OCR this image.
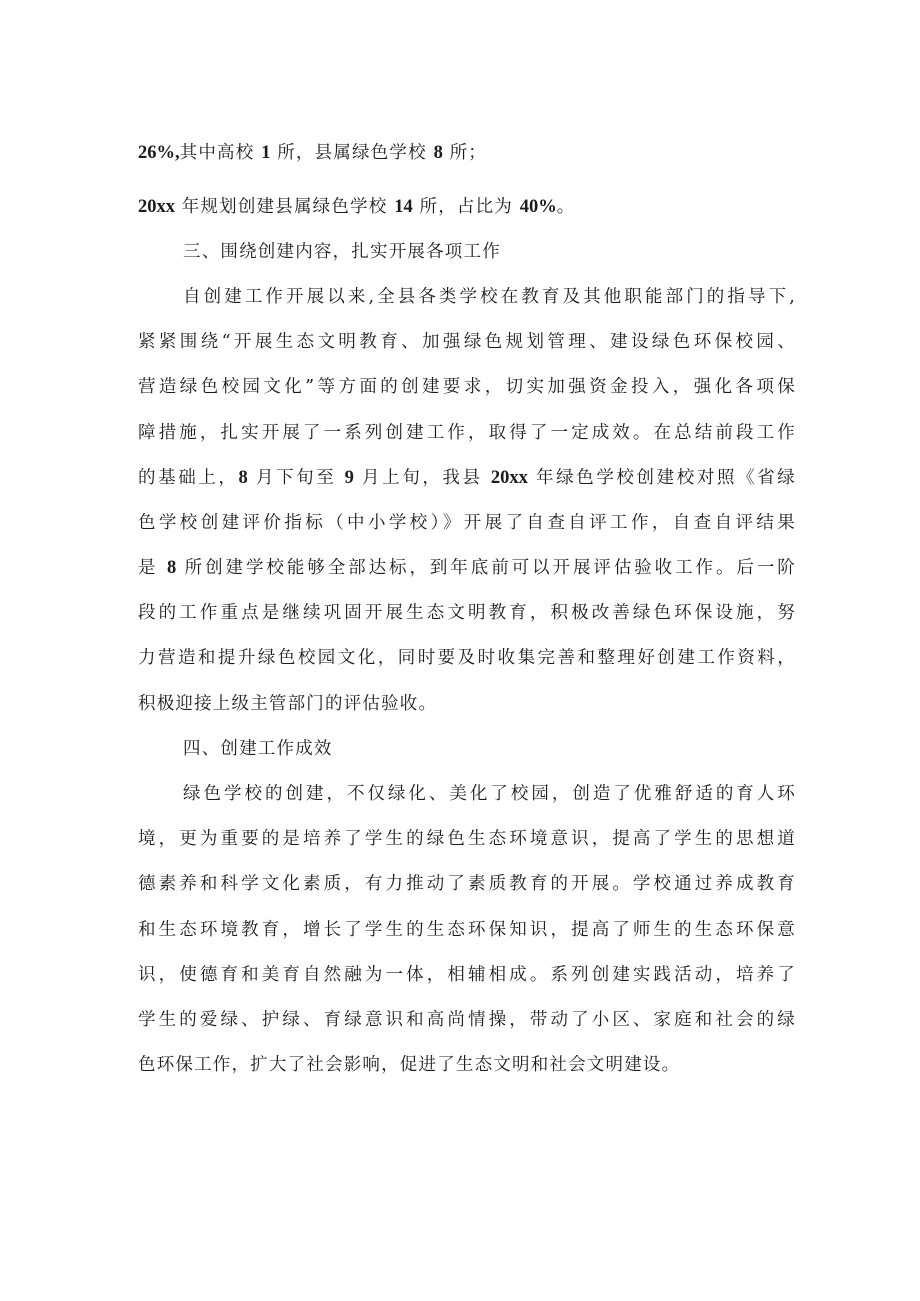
26%,其中高校 1 所，县属绿色学校 8 所；
20xx 年规划创建县属绿色学校 14 所，占比为 40%。
三、围绕创建内容，扎实开展各项工作
自创建工作开展以来,全县各类学校在教育及其他职能部门的指导下,
紧紧围绕“开展生态文明教育、加强绿色规划管理、建设绿色环保校园、
营造绿色校园文化”等方面的创建要求，切实加强资金投入，强化各项保
障措施，扎实开展了一系列创建工作，取得了一定成效。在总结前段工作
的基础上，8 月下旬至 9 月上旬，我县 20xx 年绿色学校创建校对照《省绿
色学校创建评价指标（中小学校）》开展了自查自评工作，自查自评结果
是 8 所创建学校能够全部达标，到年底前可以开展评估验收工作。后一阶
段的工作重点是继续巩固开展生态文明教育，积极改善绿色环保设施，努
力营造和提升绿色校园文化，同时要及时收集完善和整理好创建工作资料，
积极迎接上级主管部门的评估验收。
四、创建工作成效
绿色学校的创建，不仅绿化、美化了校园，创造了优雅舒适的育人环
境，更为重要的是培养了学生的绿色生态环境意识，提高了学生的思想道
德素养和科学文化素质，有力推动了素质教育的开展。学校通过养成教育
和生态环境教育，增长了学生的生态环保知识，提高了师生的生态环保意
识，使德育和美育自然融为一体，相辅相成。系列创建实践活动，培养了
学生的爱绿、护绿、育绿意识和高尚情操，带动了小区、家庭和社会的绿
色环保工作，扩大了社会影响，促进了生态文明和社会文明建设。
